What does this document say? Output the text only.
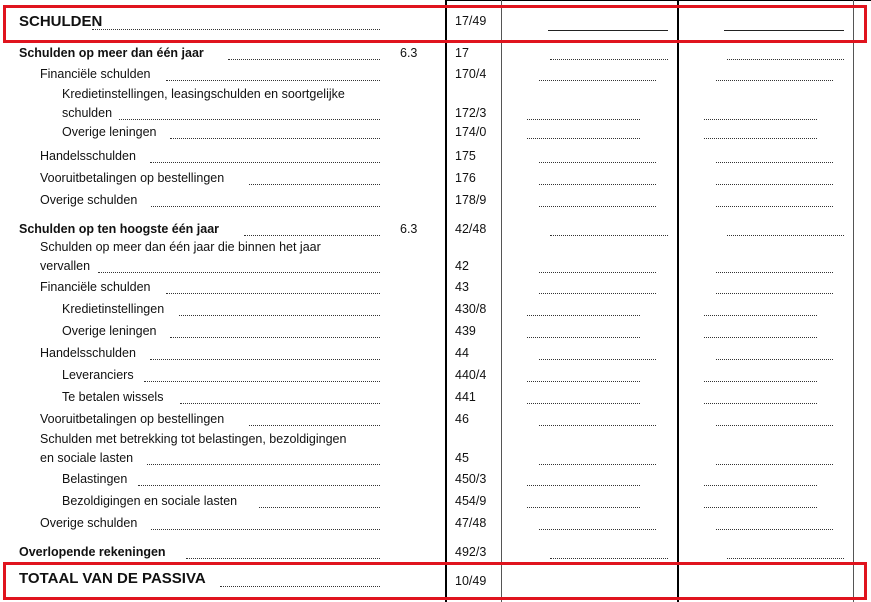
SCHULDEN	17/49
Schulden op meer dan één jaar	6.3	17
Financiële schulden	170/4
Kredietinstellingen, leasingschulden en soortgelijke
schulden	172/3
Overige leningen	174/0
Handelsschulden	175
Vooruitbetalingen op bestellingen	176
Overige schulden	178/9
Schulden op ten hoogste één jaar	6.3	42/48
Schulden op meer dan één jaar die binnen het jaar
vervallen	42
Financiële schulden	43
Kredietinstellingen	430/8
Overige leningen	439
Handelsschulden	44
Leveranciers	440/4
Te betalen wissels	441
Vooruitbetalingen op bestellingen	46
Schulden met betrekking tot belastingen, bezoldigingen
en sociale lasten	45
Belastingen	450/3
Bezoldigingen en sociale lasten	454/9
Overige schulden	47/48
Overlopende rekeningen	492/3
TOTAAL VAN DE PASSIVA	10/49
